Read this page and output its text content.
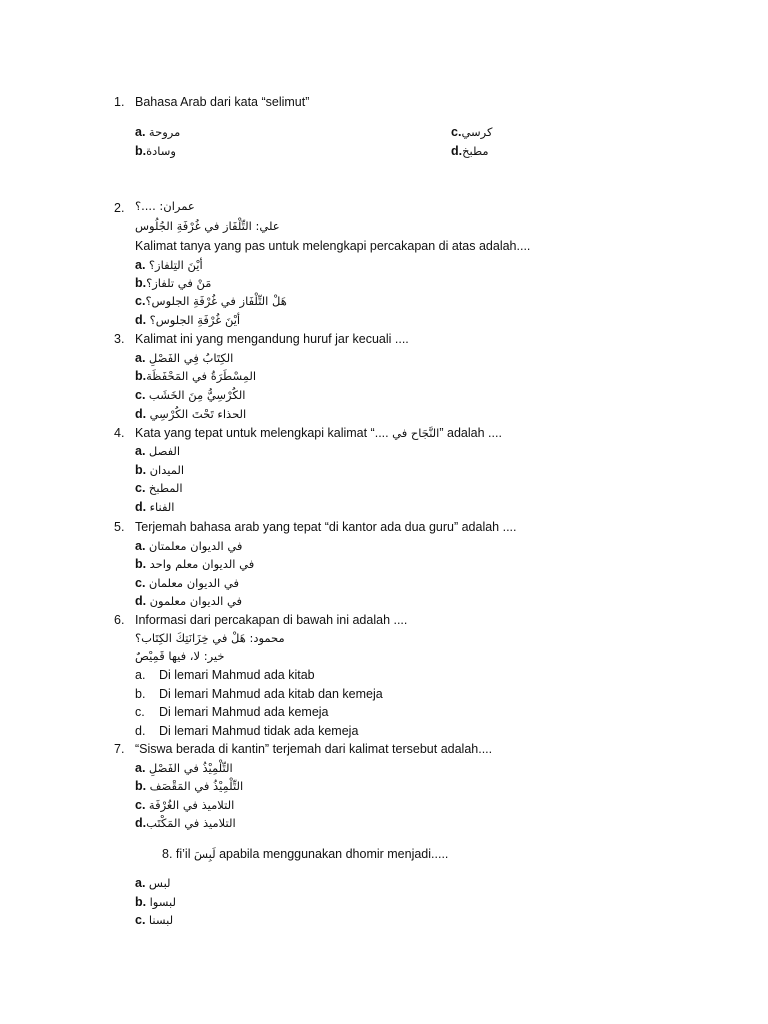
1. Bahasa Arab dari kata “selimut”
a. مروحة
b.وسادة
c.كرسي
d.مطبخ
2. عمران: ....؟
علي: التِّلْفَاز في غُرْفَةِ الجُلُوس
Kalimat tanya yang pas untuk melengkapi percakapan di atas adalah....
a. أيْنَ التِلفاز؟
b.مَنْ في تلفاز؟
c.هَلْ التِّلْفَاز في غُرْفَةِ الجلوس؟
d. أيْنَ غُرْفَةِ الجلوس؟
3. Kalimat ini yang mengandung huruf jar kecuali ....
a. الكِتَابُ فِي الفَصْلِ
b.المِسْطَرَةُ في المَحْفَظَة
c. الكُرْسِيُّ مِنَ الخَشَب
d. الحذاء تَحْتَ الكُرْسِي
4. Kata yang tepat untuk melengkapi kalimat “.... النَّجَاح في” adalah ....
a. الفصل
b. الميدان
c. المطبخ
d. الفناء
5. Terjemah bahasa arab yang tepat “di kantor ada dua guru” adalah ....
a. في الديوان معلمتان
b. في الديوان معلم واحد
c. في الديوان معلمان
d. في الديوان معلمون
6. Informasi dari percakapan di bawah ini adalah ....
محمود: هَلْ في خِزَانَتِكَ الكِتَاب؟
خير: لا، فيها قَمِيْصٌ
a. Di lemari Mahmud ada kitab
b. Di lemari Mahmud ada kitab dan kemeja
c. Di lemari Mahmud ada kemeja
d. Di lemari Mahmud tidak ada kemeja
7. “Siswa berada di kantin” terjemah dari kalimat tersebut adalah....
a. التِّلْمِيْذُ في الفَصْلِ
b. التِّلْمِيْذُ في المَقْصَف
c. التلاميذ في الغُرْفَة
d.التلاميذ في المَكْتَب
8. fi’il لَبِسَ apabila menggunakan dhomir menjadi.....
a. لبس
b. لبسوا
c. لبسنا
